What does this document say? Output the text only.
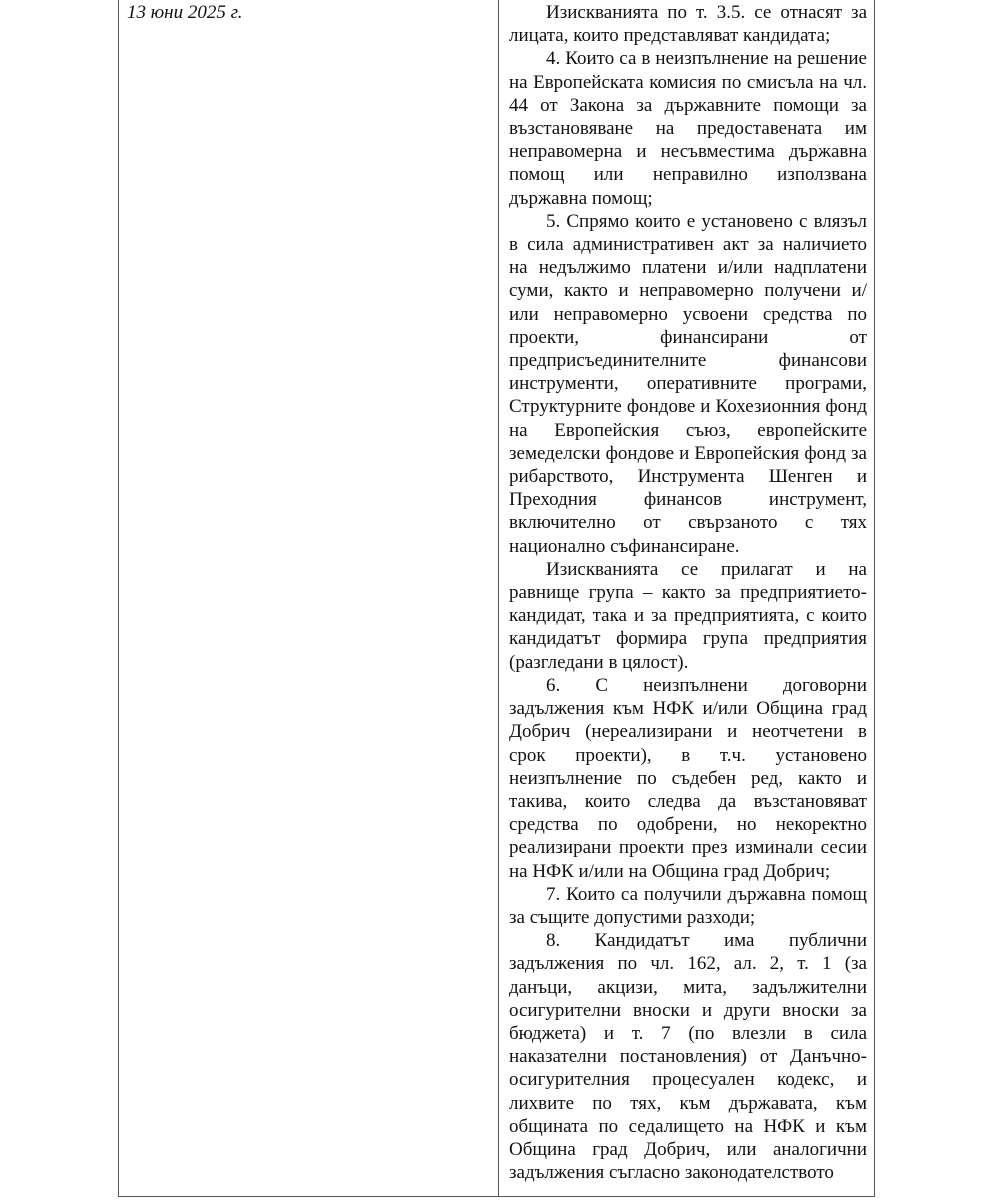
13 юни 2025 г.	Изискванията по т. 3.5. се отнасят за лицата, които представляват кандидата;

4. Които са в неизпълнение на решение на Европейската комисия по смисъла на чл. 44 от Закона за държавните помощи за възстановяване на предоставената им неправомерна и несъвместима държавна помощ или неправилно използвана държавна помощ;

5. Спрямо които е установено с влязъл в сила административен акт за наличието на недължимо платени и/или надплатени суми, както и неправомерно получени и/или неправомерно усвоени средства по проекти, финансирани от предприсъединителните финансови инструменти, оперативните програми, Структурните фондове и Кохезионния фонд на Европейския съюз, европейските земеделски фондове и Европейския фонд за рибарството, Инструмента Шенген и Преходния финансов инструмент, включително от свързаното с тях национално съфинансиране.

Изискванията се прилагат и на равнище група – както за предприятието-кандидат, така и за предприятията, с които кандидатът формира група предприятия (разгледани в цялост).

6. С неизпълнени договорни задължения към НФК и/или Община град Добрич (нереализирани и неотчетени в срок проекти), в т.ч. установено неизпълнение по съдебен ред, както и такива, които следва да възстановяват средства по одобрени, но некоректно реализирани проекти през изминали сесии на НФК и/или на Община град Добрич;

7. Които са получили държавна помощ за същите допустими разходи;

8. Кандидатът има публични задължения по чл. 162, ал. 2, т. 1 (за данъци, акцизи, мита, задължителни осигурителни вноски и други вноски за бюджета) и т. 7 (по влезли в сила наказателни постановления) от Данъчно-осигурителния процесуален кодекс, и лихвите по тях, към държавата, към общината по седалището на НФК и към Община град Добрич, или аналогични задължения съгласно законодателството
